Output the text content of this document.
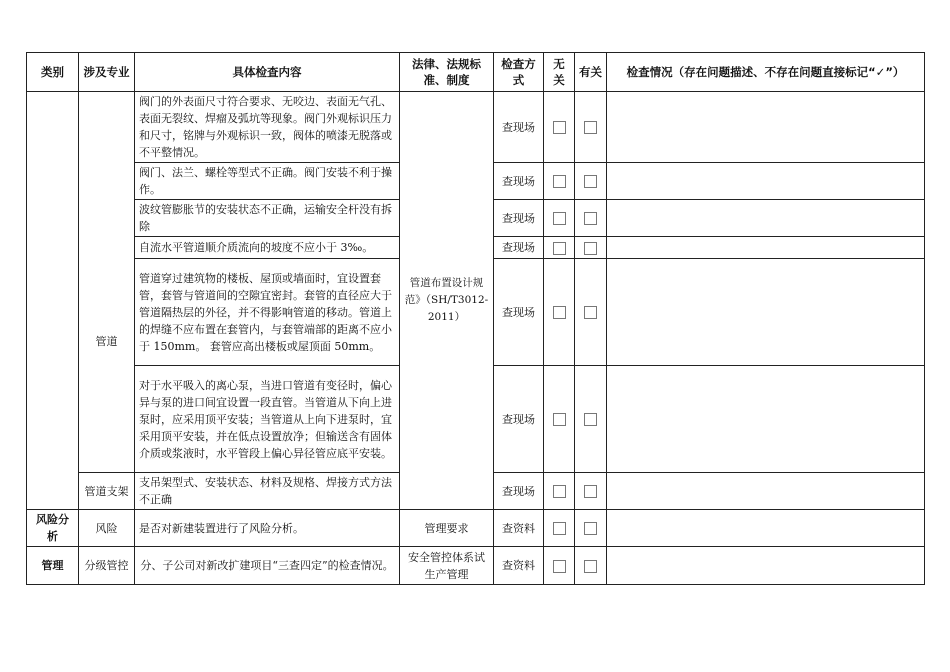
类别	涉及专业	具体检查内容	法律、法规标准、制度	检查方式	无关	有关	检查情况（存在问题描述、不存在问题直接标记“✓”）
	管道	阀门的外表面尺寸符合要求、无咬边、表面无气孔、表面无裂纹、焊瘤及弧坑等现象。阀门外观标识压力和尺寸，铭牌与外观标识一致，阀体的喷漆无脱落或不平整情况。	管道布置设计规范》（SH/T3012-2011）	查现场			
		阀门、法兰、螺栓等型式不正确。阀门安装不利于操作。		查现场			
		波纹管膨胀节的安装状态不正确，运输安全杆没有拆除		查现场			
		自流水平管道顺介质流向的坡度不应小于 3‰。		查现场			
		管道穿过建筑物的楼板、屋顶或墙面时，宜设置套管，套管与管道间的空隙宜密封。套管的直径应大于管道隔热层的外径，并不得影响管道的移动。管道上的焊缝不应布置在套管内，与套管端部的距离不应小于 150mm。 套管应高出楼板或屋顶面 50mm。		查现场			
		对于水平吸入的离心泵，当进口管道有变径时，偏心异与泵的进口间宜设置一段直管。当管道从下向上进泵时，应采用顶平安装；当管道从上向下进泵时，宜采用顶平安装，并在低点设置放净；但输送含有固体介质或浆液时，水平管段上偏心异径管应底平安装。		查现场			
	管道支架	支吊架型式、安装状态、材料及规格、焊接方式方法不正确		查现场			
风险分析	风险	是否对新建装置进行了风险分析。	管理要求	查资料			
管理	分级管控	分、子公司对新改扩建项目“三查四定”的检查情况。	安全管控体系试生产管理	查资料			
